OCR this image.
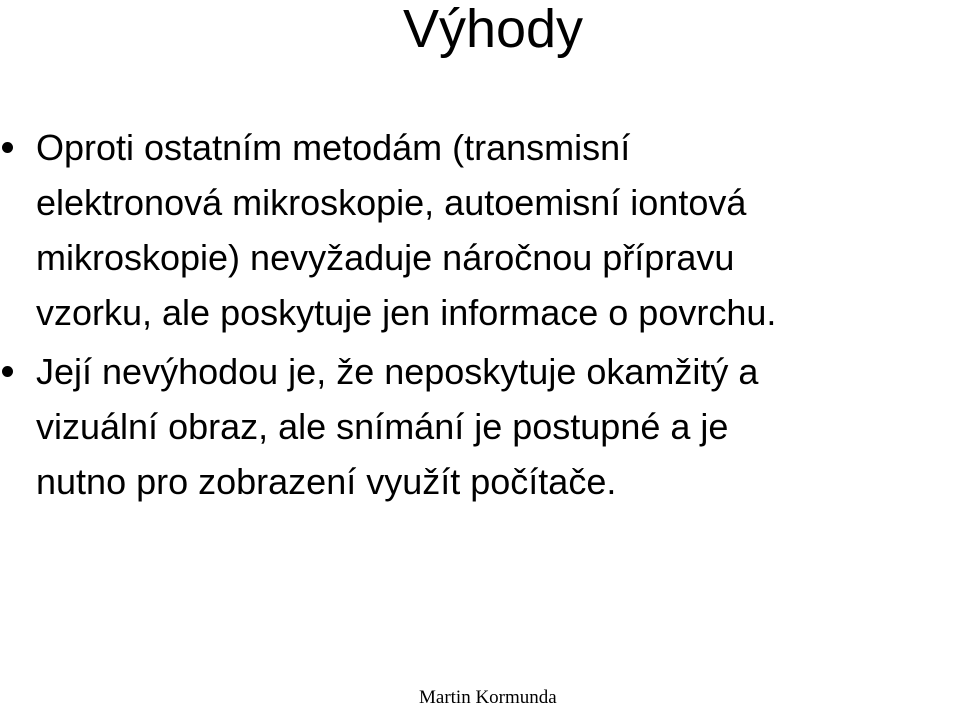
Výhody
Oproti ostatním metodám (transmisní
elektronová mikroskopie, autoemisní iontová
mikroskopie) nevyžaduje náročnou přípravu
vzorku, ale poskytuje jen informace o povrchu.
Její nevýhodou je, že neposkytuje okamžitý a
vizuální obraz, ale snímání je postupné a je
nutno pro zobrazení využít počítače.
Martin Kormunda
